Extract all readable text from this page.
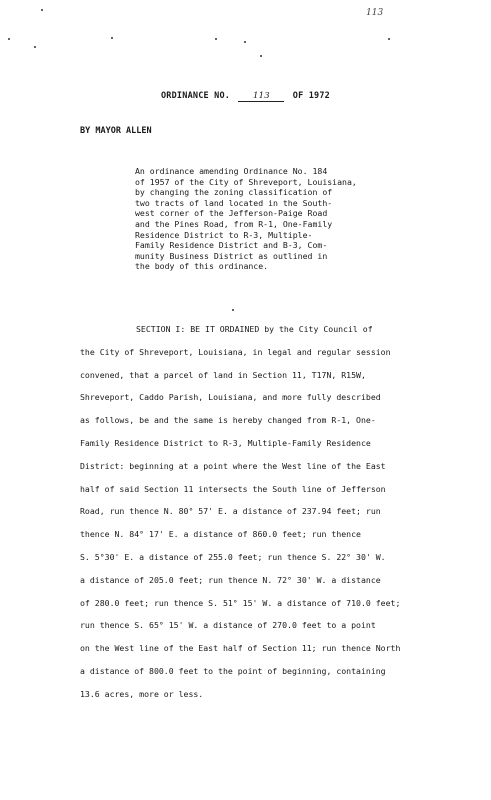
113
ORDINANCE NO.	113	OF 1972
BY MAYOR ALLEN
An ordinance amending Ordinance No. 184
of 1957 of the City of Shreveport, Louisiana,
by changing the zoning classification of
two tracts of land located in the South-
west corner of the Jefferson-Paige Road
and the Pines Road, from R-1, One-Family
Residence District to R-3, Multiple-
Family Residence District and B-3, Com-
munity Business District as outlined in
the body of this ordinance.
SECTION I: BE IT ORDAINED by the City Council of
the City of Shreveport, Louisiana, in legal and regular session
convened, that a parcel of land in Section 11, T17N, R15W,
Shreveport, Caddo Parish, Louisiana, and more fully described
as follows, be and the same is hereby changed from R-1, One-
Family Residence District to R-3, Multiple-Family Residence
District: beginning at a point where the West line of the East
half of said Section 11 intersects the South line of Jefferson
Road, run thence N. 80° 57' E. a distance of 237.94 feet; run
thence N. 84° 17' E. a distance of 860.0 feet; run thence
S. 5°30' E. a distance of 255.0 feet; run thence S. 22° 30' W.
a distance of 205.0 feet; run thence N. 72° 30' W. a distance
of 280.0 feet; run thence S. 51° 15' W. a distance of 710.0 feet;
run thence S. 65° 15' W. a distance of 270.0 feet to a point
on the West line of the East half of Section 11; run thence North
a distance of 800.0 feet to the point of beginning, containing
13.6 acres, more or less.
